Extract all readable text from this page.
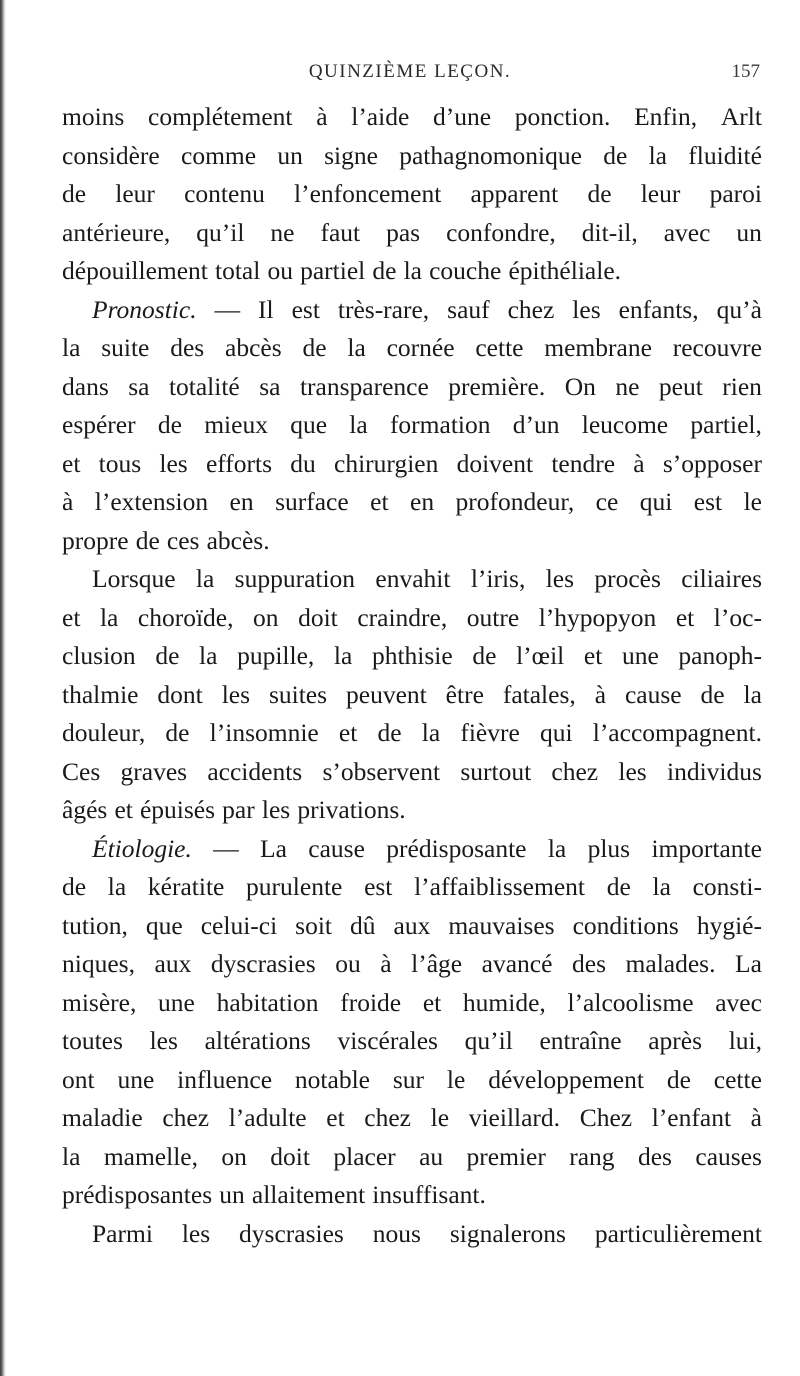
QUINZIÈME LEÇON.	157
moins complétement à l’aide d’une ponction. Enfin, Arlt
considère comme un signe pathagnomonique de la fluidité
de leur contenu l’enfoncement apparent de leur paroi
antérieure, qu’il ne faut pas confondre, dit-il, avec un
dépouillement total ou partiel de la couche épithéliale.
Pronostic. — Il est très-rare, sauf chez les enfants, qu’à
la suite des abcès de la cornée cette membrane recouvre
dans sa totalité sa transparence première. On ne peut rien
espérer de mieux que la formation d’un leucome partiel,
et tous les efforts du chirurgien doivent tendre à s’opposer
à l’extension en surface et en profondeur, ce qui est le
propre de ces abcès.
Lorsque la suppuration envahit l’iris, les procès ciliaires
et la choroïde, on doit craindre, outre l’hypopyon et l’oc-
clusion de la pupille, la phthisie de l’œil et une panoph-
thalmie dont les suites peuvent être fatales, à cause de la
douleur, de l’insomnie et de la fièvre qui l’accompagnent.
Ces graves accidents s’observent surtout chez les individus
âgés et épuisés par les privations.
Étiologie. — La cause prédisposante la plus importante
de la kératite purulente est l’affaiblissement de la consti-
tution, que celui-ci soit dû aux mauvaises conditions hygié-
niques, aux dyscrasies ou à l’âge avancé des malades. La
misère, une habitation froide et humide, l’alcoolisme avec
toutes les altérations viscérales qu’il entraîne après lui,
ont une influence notable sur le développement de cette
maladie chez l’adulte et chez le vieillard. Chez l’enfant à
la mamelle, on doit placer au premier rang des causes
prédisposantes un allaitement insuffisant.
Parmi les dyscrasies nous signalerons particulièrement
